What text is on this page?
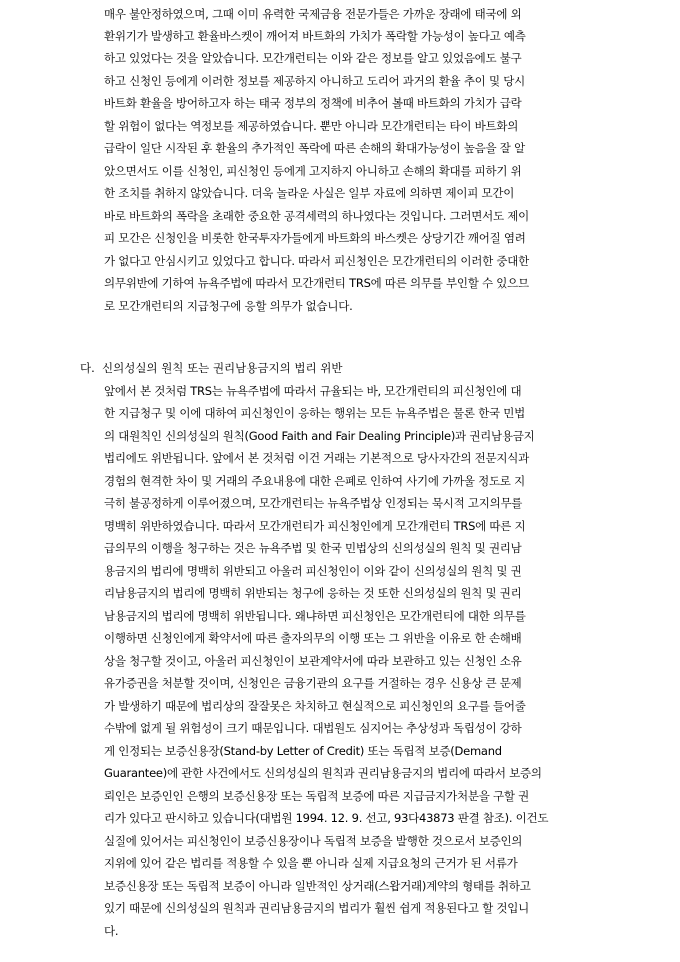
매우 불안정하였으며, 그때 이미 유력한 국제금융 전문가들은 가까운 장래에 태국에 외
환위기가 발생하고 환율바스켓이 깨어져 바트화의 가치가 폭락할 가능성이 높다고 예측
하고 있었다는 것을 알았습니다. 모간개런티는 이와 같은 정보를 알고 있었음에도 불구
하고 신청인 등에게 이러한 정보를 제공하지 아니하고 도리어 과거의 환율 추이 및 당시
바트화 환율을 방어하고자 하는 태국 정부의 정책에 비추어 볼때 바트화의 가치가 급락
할 위험이 없다는 역정보를 제공하였습니다. 뿐만 아니라 모간개런티는 타이 바트화의
급락이 일단 시작된 후 환율의 추가적인 폭락에 따른 손해의 확대가능성이 높음을 잘 알
았으면서도 이를 신청인, 피신청인 등에게 고지하지 아니하고 손해의 확대를 피하기 위
한 조치를 취하지 않았습니다. 더욱 놀라운 사실은 일부 자료에 의하면 제이피 모간이
바로 바트화의 폭락을 초래한 중요한 공격세력의 하나였다는 것입니다. 그러면서도 제이
피 모간은 신청인을 비롯한 한국투자가들에게 바트화의 바스켓은 상당기간 깨어질 염려
가 없다고 안심시키고 있었다고 합니다. 따라서 피신청인은 모간개런티의 이러한 중대한
의무위반에 기하여 뉴욕주법에 따라서 모간개런티 TRS에 따른 의무를 부인할 수 있으므
로 모간개런티의 지급청구에 응할 의무가 없습니다.
다. 신의성실의 원칙 또는 권리남용금지의 법리 위반
앞에서 본 것처럼 TRS는 뉴욕주법에 따라서 규율되는 바, 모간개런티의 피신청인에 대
한 지급청구 및 이에 대하여 피신청인이 응하는 행위는 모든 뉴욕주법은 물론 한국 민법
의 대원칙인 신의성실의 원칙(Good Faith and Fair Dealing Principle)과 권리남용금지
법리에도 위반됩니다. 앞에서 본 것처럼 이건 거래는 기본적으로 당사자간의 전문지식과
경험의 현격한 차이 및 거래의 주요내용에 대한 은폐로 인하여 사기에 가까울 정도로 지
극히 불공정하게 이루어졌으며, 모간개런티는 뉴욕주법상 인정되는 묵시적 고지의무를
명백히 위반하였습니다. 따라서 모간개런티가 피신청인에게 모간개런티 TRS에 따른 지
급의무의 이행을 청구하는 것은 뉴욕주법 및 한국 민법상의 신의성실의 원칙 및 권리남
용금지의 법리에 명백히 위반되고 아울러 피신청인이 이와 같이 신의성실의 원칙 및 권
리남용금지의 법리에 명백히 위반되는 청구에 응하는 것 또한 신의성실의 원칙 및 권리
남용금지의 법리에 명백히 위반됩니다. 왜냐하면 피신청인은 모간개런티에 대한 의무를
이행하면 신청인에게 확약서에 따른 출자의무의 이행 또는 그 위반을 이유로 한 손해배
상을 청구할 것이고, 아울러 피신청인이 보관계약서에 따라 보관하고 있는 신청인 소유
유가증권을 처분할 것이며, 신청인은 금융기관의 요구를 거절하는 경우 신용상 큰 문제
가 발생하기 때문에 법리상의 잘잘못은 차치하고 현실적으로 피신청인의 요구를 들어줄
수밖에 없게 될 위험성이 크기 때문입니다. 대법원도 심지어는 추상성과 독립성이 강하
게 인정되는 보증신용장(Stand-by Letter of Credit) 또는 독립적 보증(Demand
Guarantee)에 관한 사건에서도 신의성실의 원칙과 권리남용금지의 법리에 따라서 보증의
뢰인은 보증인인 은행의 보증신용장 또는 독립적 보증에 따른 지급금지가처분을 구할 권
리가 있다고 판시하고 있습니다(대법원 1994. 12. 9. 선고, 93다43873 판결 참조). 이건도
실질에 있어서는 피신청인이 보증신용장이나 독립적 보증을 발행한 것으로서 보증인의
지위에 있어 같은 법리를 적용할 수 있을 뿐 아니라 실제 지급요청의 근거가 된 서류가
보증신용장 또는 독립적 보증이 아니라 일반적인 상거래(스왑거래)계약의 형태를 취하고
있기 때문에 신의성실의 원칙과 권리남용금지의 법리가 훨씬 쉽게 적용된다고 할 것입니
다.
